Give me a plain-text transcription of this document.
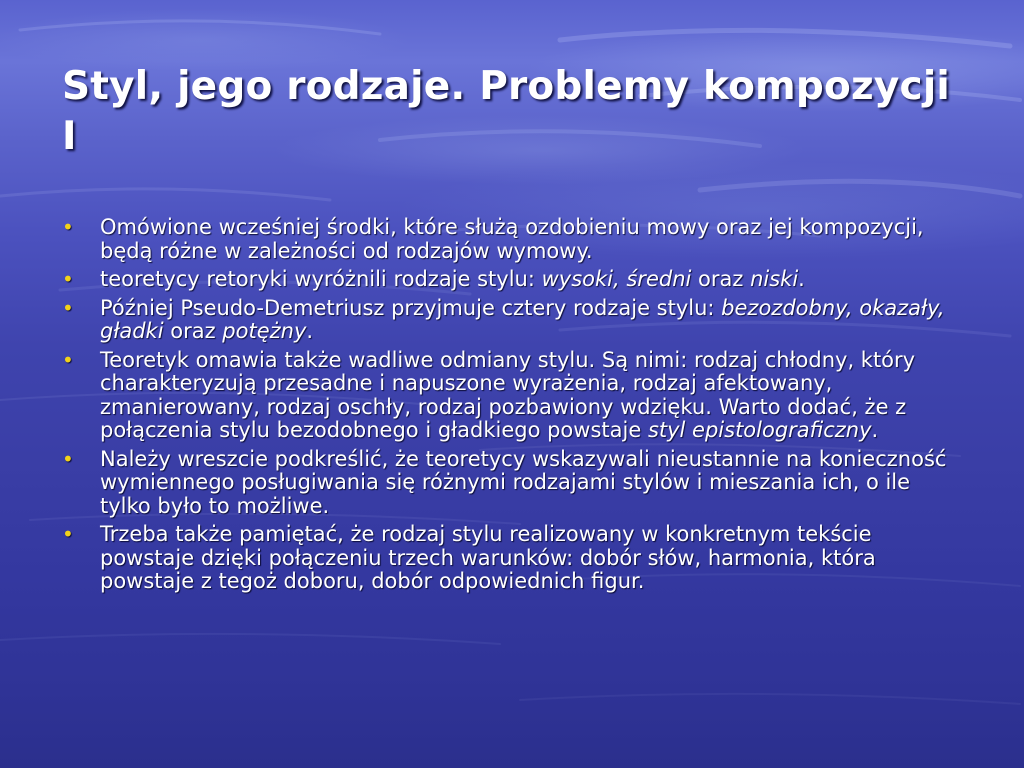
Styl, jego rodzaje. Problemy kompozycji I
•	Omówione wcześniej środki, które służą ozdobieniu mowy oraz jej kompozycji, będą różne w zależności od rodzajów wymowy.
•	teoretycy retoryki wyróżnili rodzaje stylu: wysoki, średni oraz niski.
•	Później Pseudo-Demetriusz przyjmuje cztery rodzaje stylu: bezozdobny, okazały, gładki oraz potężny.
•	Teoretyk omawia także wadliwe odmiany stylu. Są nimi: rodzaj chłodny, który charakteryzują przesadne i napuszone wyrażenia, rodzaj afektowany, zmanierowany, rodzaj oschły, rodzaj pozbawiony wdzięku. Warto dodać, że z połączenia stylu bezodobnego i gładkiego powstaje styl epistolograficzny.
•	Należy wreszcie podkreślić, że teoretycy wskazywali nieustannie na konieczność wymiennego posługiwania się różnymi rodzajami stylów i mieszania ich, o ile tylko było to możliwe.
•	Trzeba także pamiętać, że rodzaj stylu realizowany w konkretnym tekście powstaje dzięki połączeniu trzech warunków: dobór słów, harmonia, która powstaje z tegoż doboru, dobór odpowiednich figur.
